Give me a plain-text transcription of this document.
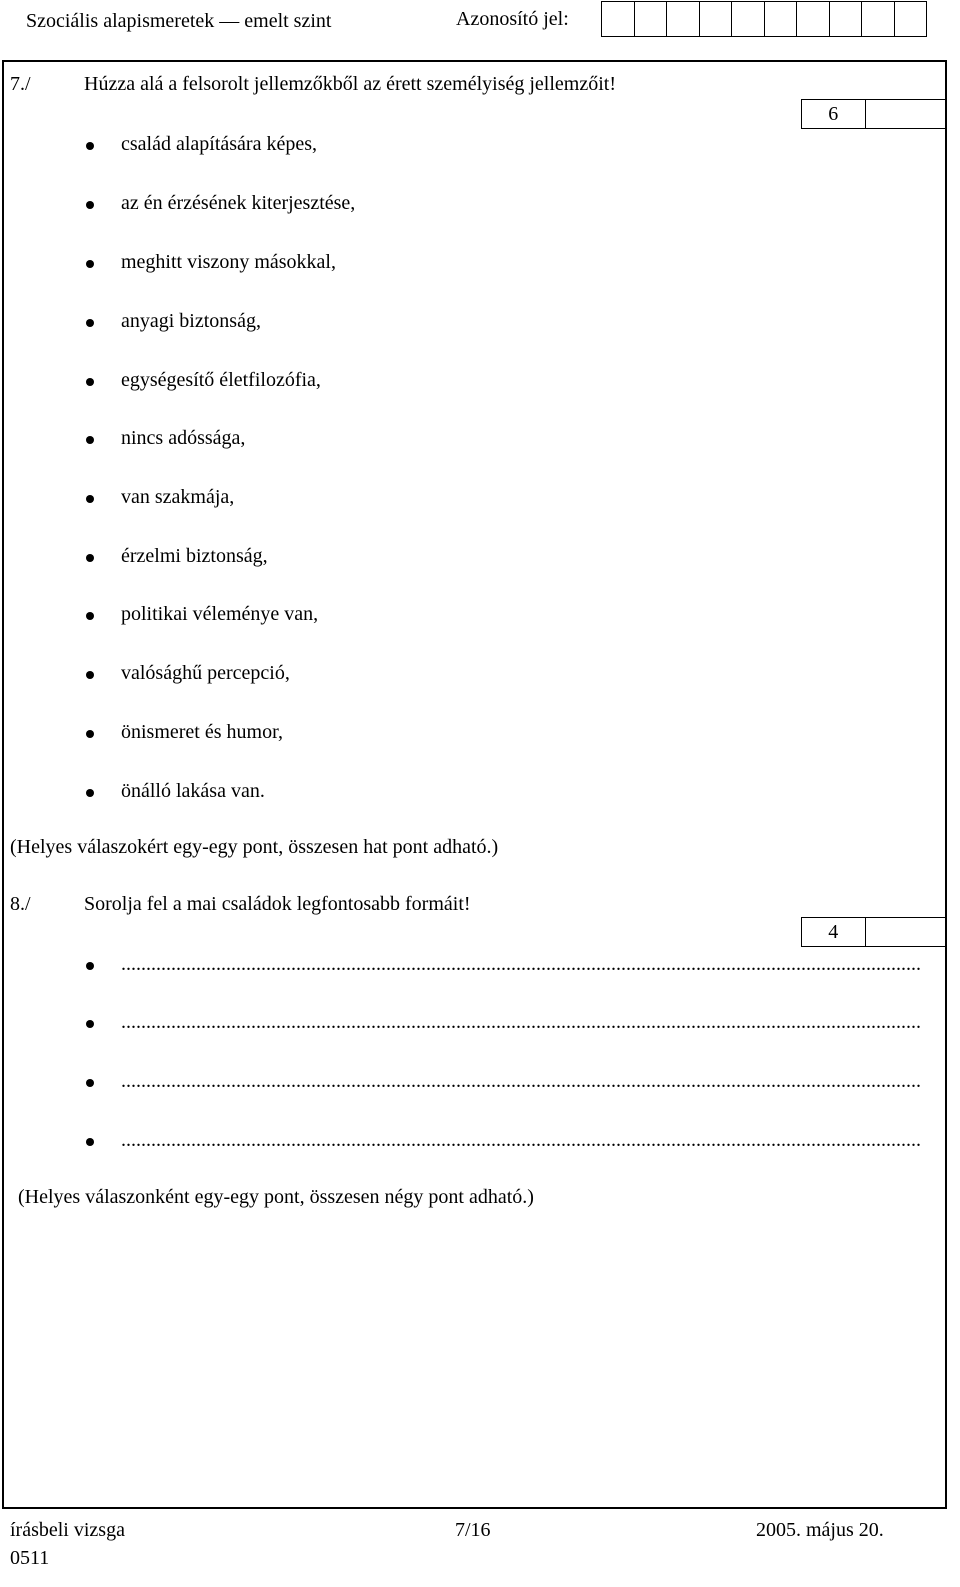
Szociális alapismeretek — emelt szint	Azonosító jel:
7./	Húzza alá a felsorolt jellemzőkből az érett személyiség jellemzőit!
6
család alapítására képes,
az én érzésének kiterjesztése,
meghitt viszony másokkal,
anyagi biztonság,
egységesítő életfilozófia,
nincs adóssága,
van szakmája,
érzelmi biztonság,
politikai véleménye van,
valósághű percepció,
önismeret és humor,
önálló lakása van.
(Helyes válaszokért egy-egy pont, összesen hat pont adható.)
8./	Sorolja fel a mai családok legfontosabb formáit!
4
................................................................................................................................................................
................................................................................................................................................................
................................................................................................................................................................
................................................................................................................................................................
(Helyes válaszonként egy-egy pont, összesen négy pont adható.)
írásbeli vizsga
0511
7/16	2005. május 20.
